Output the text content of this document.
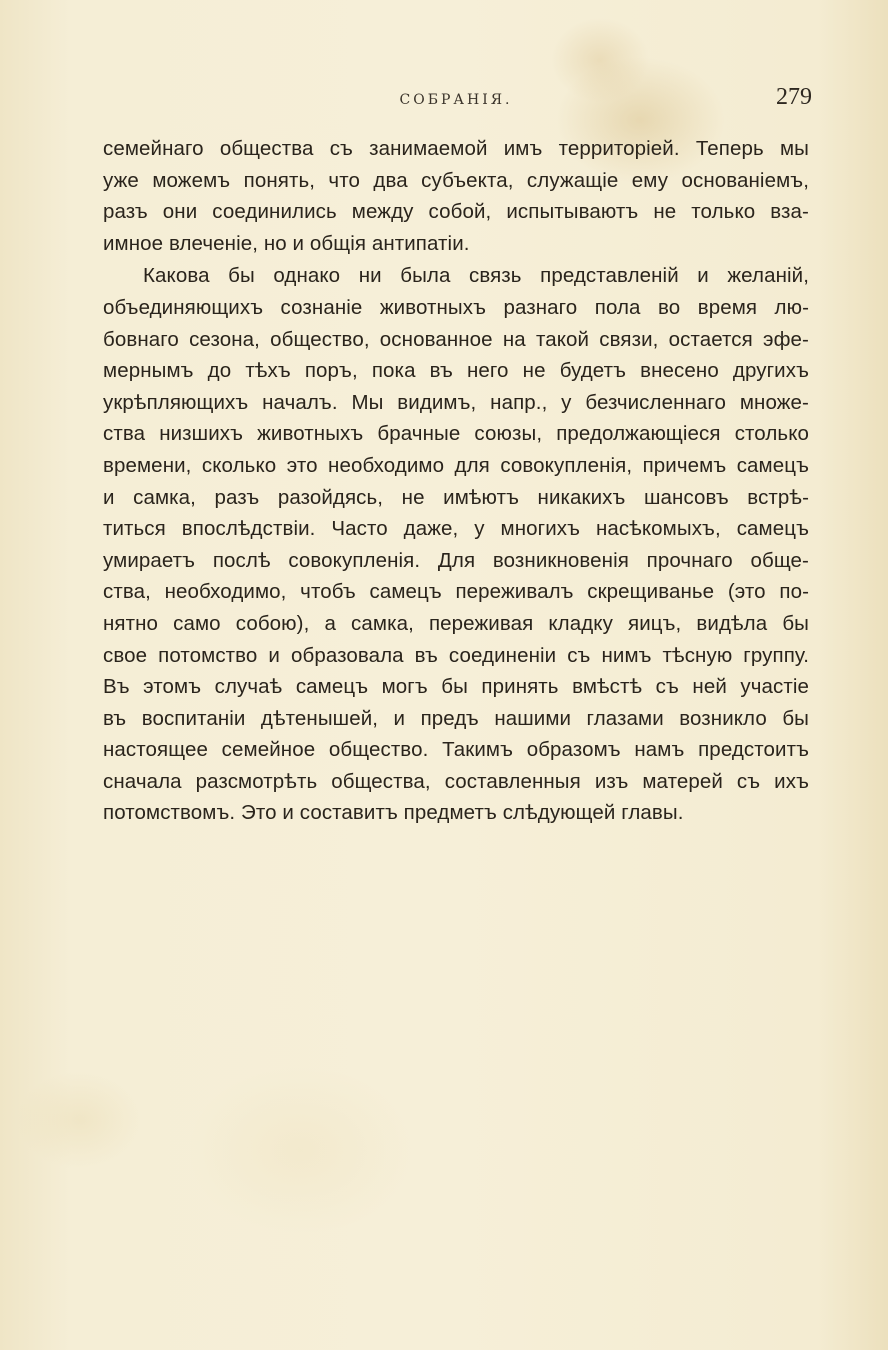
СОБРАНІЯ.	279

семейнаго общества съ занимаемой имъ территоріей. Теперь мы
уже можемъ понять, что два субъекта, служащіе ему основаніемъ,
разъ они соединились между собой, испытываютъ не только вза-
имное влеченіе, но и общія антипатіи.

Какова бы однако ни была связь представленій и желаній,
объединяющихъ сознаніе животныхъ разнаго пола во время лю-
бовнаго сезона, общество, основанное на такой связи, остается эфе-
мернымъ до тѣхъ поръ, пока въ него не будетъ внесено другихъ
укрѣпляющихъ началъ. Мы видимъ, напр., у безчисленнаго множе-
ства низшихъ животныхъ брачные союзы, предолжающіеся столько
времени, сколько это необходимо для совокупленія, причемъ самецъ
и самка, разъ разойдясь, не имѣютъ никакихъ шансовъ встрѣ-
титься впослѣдствіи. Часто даже, у многихъ насѣкомыхъ, самецъ
умираетъ послѣ совокупленія. Для возникновенія прочнаго обще-
ства, необходимо, чтобъ самецъ переживалъ скрещиванье (это по-
нятно само собою), а самка, переживая кладку яицъ, видѣла бы
свое потомство и образовала въ соединеніи съ нимъ тѣсную группу.
Въ этомъ случаѣ самецъ могъ бы принять вмѣстѣ съ ней участіе
въ воспитаніи дѣтенышей, и предъ нашими глазами возникло бы
настоящее семейное общество. Такимъ образомъ намъ предстоитъ
сначала разсмотрѣть общества, составленныя изъ матерей съ ихъ
потомствомъ. Это и составитъ предметъ слѣдующей главы.
